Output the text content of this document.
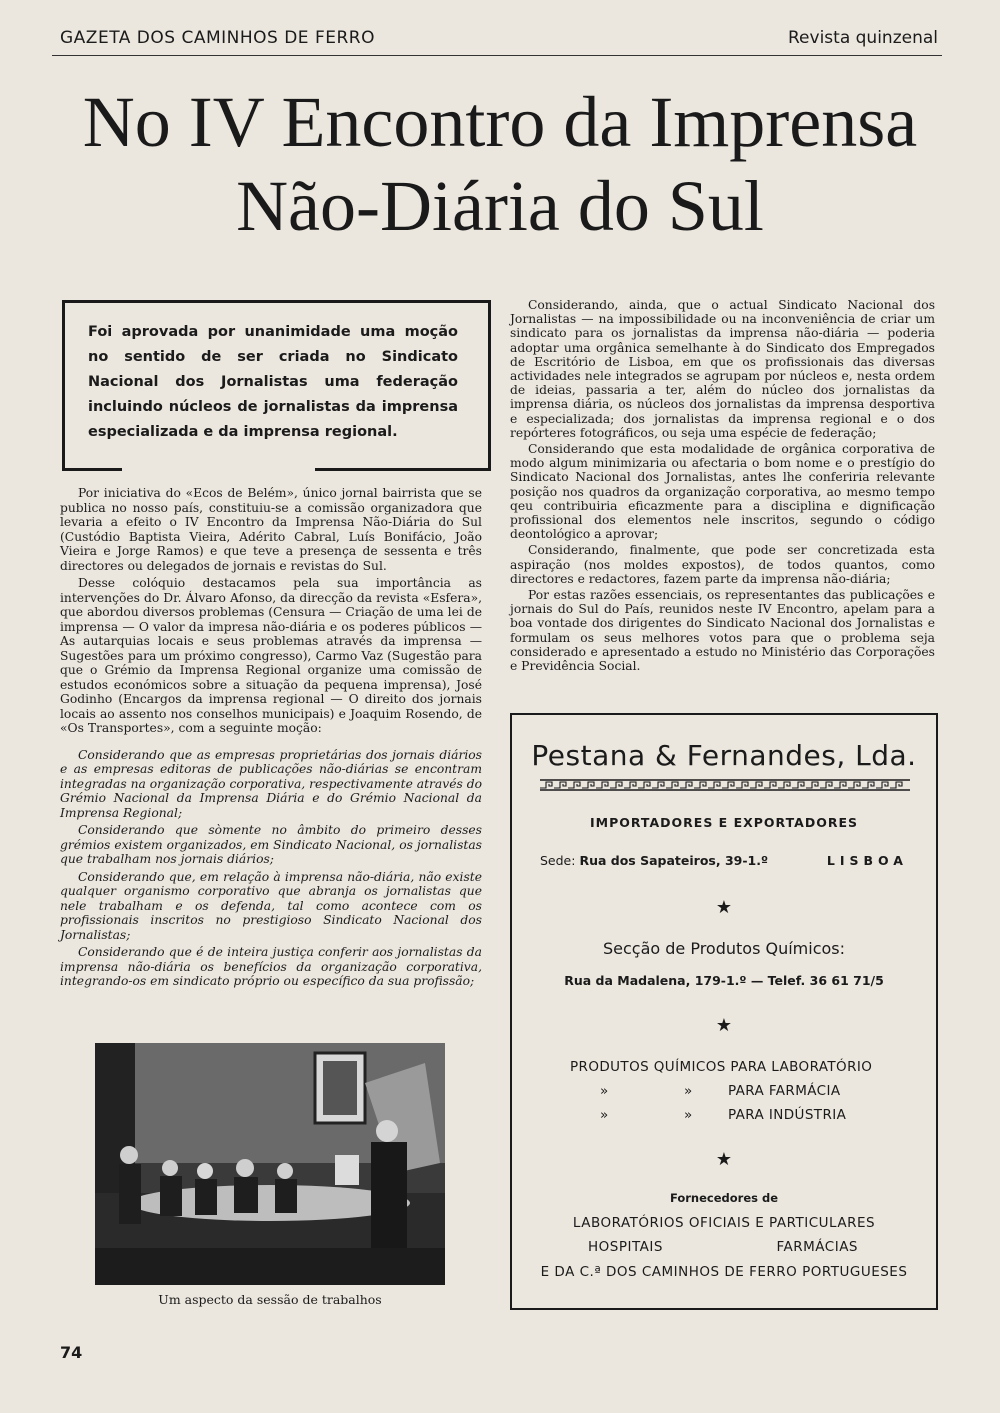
GAZETA DOS CAMINHOS DE FERRO	Revista quinzenal
No IV Encontro da Imprensa
Não-Diária do Sul
Foi aprovada por unanimidade uma moção no sentido de ser criada no Sindicato Nacional dos Jornalistas uma federação incluindo núcleos de jornalistas da imprensa especializada e da imprensa regional.

Por iniciativa do «Ecos de Belém», único jornal bairrista que se publica no nosso país, constituiu-se a comissão organizadora que levaria a efeito o IV Encontro da Imprensa Não-Diária do Sul (Custódio Baptista Vieira, Adérito Cabral, Luís Bonifácio, João Vieira e Jorge Ramos) e que teve a presença de sessenta e três directores ou delegados de jornais e revistas do Sul.

Desse colóquio destacamos pela sua importância as intervenções do Dr. Álvaro Afonso, da direcção da revista «Esfera», que abordou diversos problemas (Censura — Criação de uma lei de imprensa — O valor da impresa não-diária e os poderes públicos — As autarquias locais e seus problemas através da imprensa — Sugestões para um próximo congresso), Carmo Vaz (Sugestão para que o Grémio da Imprensa Regional organize uma comissão de estudos económicos sobre a situação da pequena imprensa), José Godinho (Encargos da imprensa regional — O direito dos jornais locais ao assento nos conselhos municipais) e Joaquim Rosendo, de «Os Transportes», com a seguinte moção:

Considerando que as empresas proprietárias dos jornais diários e as empresas editoras de publicações não-diárias se encontram integradas na organização corporativa, respectivamente através do Grémio Nacional da Imprensa Diária e do Grémio Nacional da Imprensa Regional;

Considerando que sòmente no âmbito do primeiro desses grémios existem organizados, em Sindicato Nacional, os jornalistas que trabalham nos jornais diários;

Considerando que, em relação à imprensa não-diária, não existe qualquer organismo corporativo que abranja os jornalistas que nele trabalham e os defenda, tal como acontece com os profissionais inscritos no prestigioso Sindicato Nacional dos Jornalistas;

Considerando que é de inteira justiça conferir aos jornalistas da imprensa não-diária os benefícios da organização corporativa, integrando-os em sindicato próprio ou específico da sua profissão;

Considerando, ainda, que o actual Sindicato Nacional dos Jornalistas — na impossibilidade ou na inconveniência de criar um sindicato para os jornalistas da imprensa não-diária — poderia adoptar uma orgânica semelhante à do Sindicato dos Empregados de Escritório de Lisboa, em que os profissionais das diversas actividades nele integrados se agrupam por núcleos e, nesta ordem de ideias, passaria a ter, além do núcleo dos jornalistas da imprensa diária, os núcleos dos jornalistas da imprensa desportiva e especializada; dos jornalistas da imprensa regional e o dos repórteres fotográficos, ou seja uma espécie de federação;

Considerando que esta modalidade de orgânica corporativa de modo algum minimizaria ou afectaria o bom nome e o prestígio do Sindicato Nacional dos Jornalistas, antes lhe conferiria relevante posição nos quadros da organização corporativa, ao mesmo tempo qeu contribuiria eficazmente para a disciplina e dignificação profissional dos elementos nele inscritos, segundo o código deontológico a aprovar;

Considerando, finalmente, que pode ser concretizada esta aspiração (nos moldes expostos), de todos quantos, como directores e redactores, fazem parte da imprensa não-diária;

Por estas razões essenciais, os representantes das publicações e jornais do Sul do País, reunidos neste IV Encontro, apelam para a boa vontade dos dirigentes do Sindicato Nacional dos Jornalistas e formulam os seus melhores votos para que o problema seja considerado e apresentado a estudo no Ministério das Corporações e Previdência Social.

Um aspecto da sessão de trabalhos
Pestana & Fernandes, Lda.
IMPORTADORES E EXPORTADORES
Sede: Rua dos Sapateiros, 39-1.º	LISBOA
★
Secção de Produtos Químicos:
Rua da Madalena, 179-1.º — Telef. 36 61 71/5
★
PRODUTOS QUÍMICOS PARA LABORATÓRIO
»	»	PARA FARMÁCIA
»	»	PARA INDÚSTRIA
★
Fornecedores de
LABORATÓRIOS OFICIAIS E PARTICULARES
HOSPITAIS	FARMÁCIAS
E DA C.ª DOS CAMINHOS DE FERRO PORTUGUESES
74
